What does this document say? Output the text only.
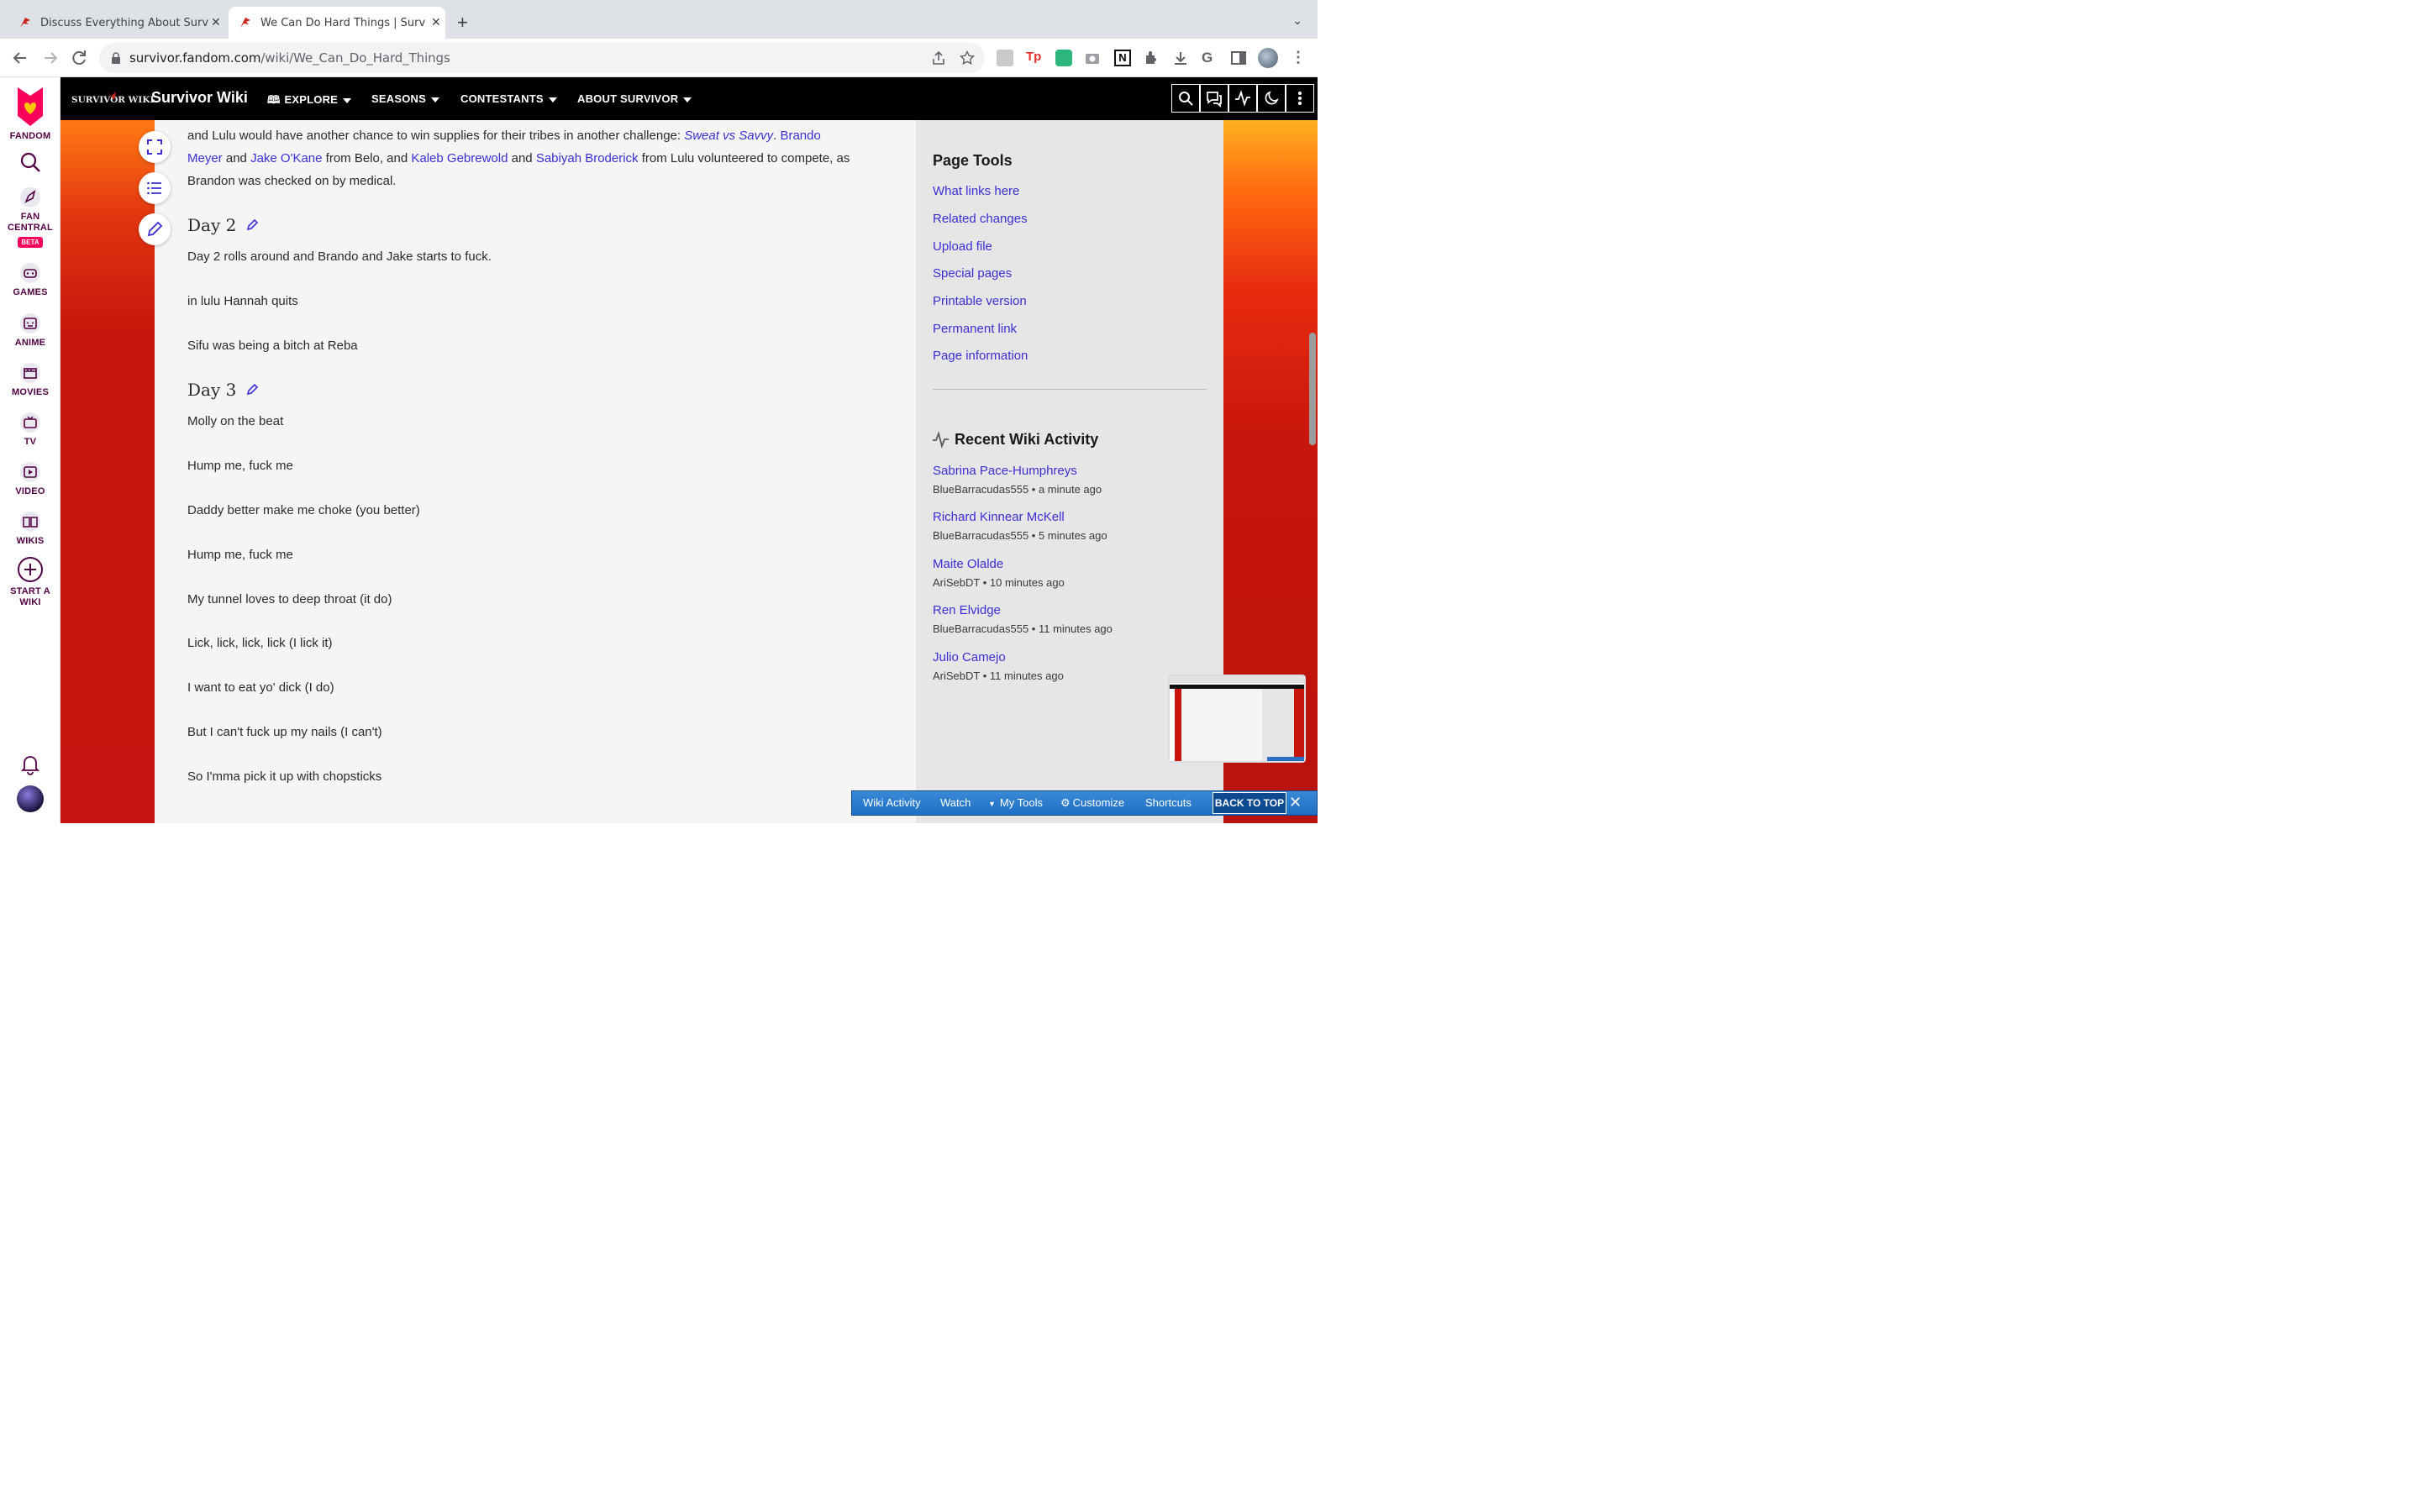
Discuss Everything About Surv ✕	We Can Do Hard Things | Surv ✕ +	⌄
survivor.fandom.com/wiki/We_Can_Do_Hard_Things	Tp	N	G	⋮
FANDOM
FAN CENTRAL
BETA
GAMES
ANIME
MOVIES
TV
VIDEO
WIKIS
START A WIKI
SURVIVOR WIKI
Survivor Wiki 🕮 EXPLORE	SEASONS	CONTESTANTS	ABOUT SURVIVOR
and Lulu would have another chance to win supplies for their tribes in another challenge: Sweat vs Savvy. Brando
Meyer and Jake O'Kane from Belo, and Kaleb Gebrewold and Sabiyah Broderick from Lulu volunteered to compete, as
Brandon was checked on by medical.
Day 2
Day 2 rolls around and Brando and Jake starts to fuck.
in lulu Hannah quits
Sifu was being a bitch at Reba
Day 3
Molly on the beat
Hump me, fuck me
Daddy better make me choke (you better)
Hump me, fuck me
My tunnel loves to deep throat (it do)
Lick, lick, lick, lick (I lick it)
I want to eat yo' dick (I do)
But I can't fuck up my nails (I can't)
So I'mma pick it up with chopsticks
Page Tools
What links here
Related changes
Upload file
Special pages
Printable version
Permanent link
Page information
Recent Wiki Activity
Sabrina Pace-Humphreys
BlueBarracudas555 • a minute ago
Richard Kinnear McKell
BlueBarracudas555 • 5 minutes ago
Maite Olalde
AriSebDT • 10 minutes ago
Ren Elvidge
BlueBarracudas555 • 11 minutes ago
Julio Camejo
AriSebDT • 11 minutes ago
Wiki Activity Watch ▼ My Tools ⚙ Customize Shortcuts BACK TO TOP ✕
